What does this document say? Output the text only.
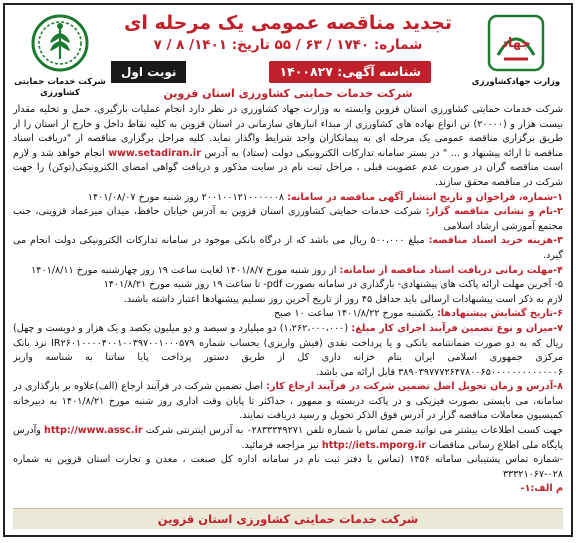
شرکت خدمات حمایتی
کشاورزی
جهاد
وزارت جهادکشاورزی
تجدید مناقصه عمومی یک مرحله ای
شماره: ۱۷۴۰ / ۶۳ / ۵۵ تاریخ: ۱۴۰۱/ ۸ / ۷
شناسه آگهی: ۱۴۰۰۸۲۷
نوبت اول
شرکت خدمات حمایتی کشاورزی استان قزوین

شرکت خدمات حمایتی کشاورزی استان قزوین وابسته به وزارت جهاد کشاورزی در نظر دارد انجام عملیات بارگیری، حمل و تخلیه مقدار بیست هزار و (۲۰۰۰۰) تن انواع نهاده های کشاورزی از مبداء انبارهای سازمانی در استان قزوین به کلیه نقاط داخل و خارج از استان را از طریق برگزاری مناقصه عمومی یک مرحله ای به پیمانکاران واجد شرایط واگذار نماید. کلیه مراحل برگزاری مناقصه از "دریافت اسناد مناقصه تا ارائه پیشنهاد و ... " در بستر سامانه تدارکات الکترونیکی دولت (ستاد) به آدرس www.setadiran.ir انجام خواهد شد و لازم است مناقصه گران در صورت عدم عضویت قبلی ، مراحل ثبت نام در سایت مذکور و دریافت گواهی امضای الکترونیکی(توکن) را جهت شرکت در مناقصه محقق سازند.

۱-شماره، فراخوان و تاریخ انتشار آگهی مناقصه در سامانه: ۲۰۰۱۰۰۱۲۱۰۰۰۰۰۰۸ روز شنبه مورخ ۱۴۰۱/۰۸/۰۷

۲-نام و نشانی مناقصه گزار: شرکت خدمات حمایتی کشاورزی استان قزوین به آدرس خیابان حافظ، میدان میرعماد قزوینی، جنب مجتمع آموزشی ارشاد اسلامی

۳-هزینه خرید اسناد مناقصه: مبلغ ۵۰۰،۰۰۰ ریال می باشد که از درگاه بانکی موجود در سامانه تدارکات الکترونیکی دولت انجام می گیرد.

۴-مهلت زمانی دریافت اسناد مناقصه از سامانه: از روز شنبه مورخ ۱۴۰۱/۸/۷ لغایت ساعت ۱۹ روز چهارشنبه مورخ ۱۴۰۱/۸/۱۱

۵- آخرین مهلت ارائه پاکت های پیشنهادی- بارگذاری در سامانه بصورت pdf- تا ساعت ۱۹ روز شنبه مورخ ۱۴۰۱/۸/۲۱

لازم به ذکر است پیشنهادات ارسالی باید حداقل ۴۵ روز از تاریخ آخرین روز تسلیم پیشنهادها اعتبار داشته باشند.

۶-تاریخ گشایش پیشنهادها: یکشنبه مورخ ۱۴۰۱/۸/۲۲ ساعت ۱۰ صبح

۷-میزان و نوع تضمین فرآیند اجرای کار مبلغ: (۱،۲۶۲،۰۰۰،۰۰۰) دو میلیارد و سیصد و دو میلیون یکصد و یک هزار و دویست و چهل) ریال که به دو صورت ضمانتنامه بانکی و یا پرداخت نقدی (فیش واریزی) بحساب شماره IR۲۶۰۱۰۰۰۰۴۰۰۱۰۰۳۹۷۰۰۱۰۰۰۵۷۹ نزد بانک مرکزی جمهوری اسلامی ایران بنام خزانه داری کل از طریق دستور پرداخت پایا ساتنا به شناسه واریز ۳۸۹۰۳۹۷۷۷۲۶۴۷۸۰۰۶۵۰۰۰۰۰۰۰۰۰۰۰۰۰۶ قابل ارائه می باشد.

۸-آدرس و زمان تحویل اصل تضمین شرکت در فرآیند ارجاع کار: اصل تضمین شرکت در فرآیند ارجاع (الف)علاوه بر بارگذاری در سامانه، می بایستی بصورت فیزیکی و در پاکت دربسته و ممهور ، حداکثر تا پایان وقت اداری روز شنبه مورخ ۱۴۰۱/۸/۲۱ به دبیرخانه کمیسیون معاملات مناقصه گزار در آدرس فوق الذکر تحویل و رسید دریافت نمایند.

جهت کسب اطلاعات بیشتر می توانید ضمن تماس با شماره تلفن ۰۲۸۳۳۳۴۹۲۷۱ به آدرس اینترنتی شرکت http://www.assc.ir وآدرس پایگاه ملی اطلاع رسانی مناقصات http://iets.mporg.ir نیز مراجعه فرمائید.

-شماره تماس پشتیبانی سامانه ۱۴۵۶ (تماس با دفتر ثبت نام در سامانه اداره کل صنعت ، معدن و تجارت استان قزوین به شماره ۰۲۸-۳۳۳۲۱۰۶۷

م الف:۱-

شرکت خدمات حمایتی کشاورزی استان قزوین
